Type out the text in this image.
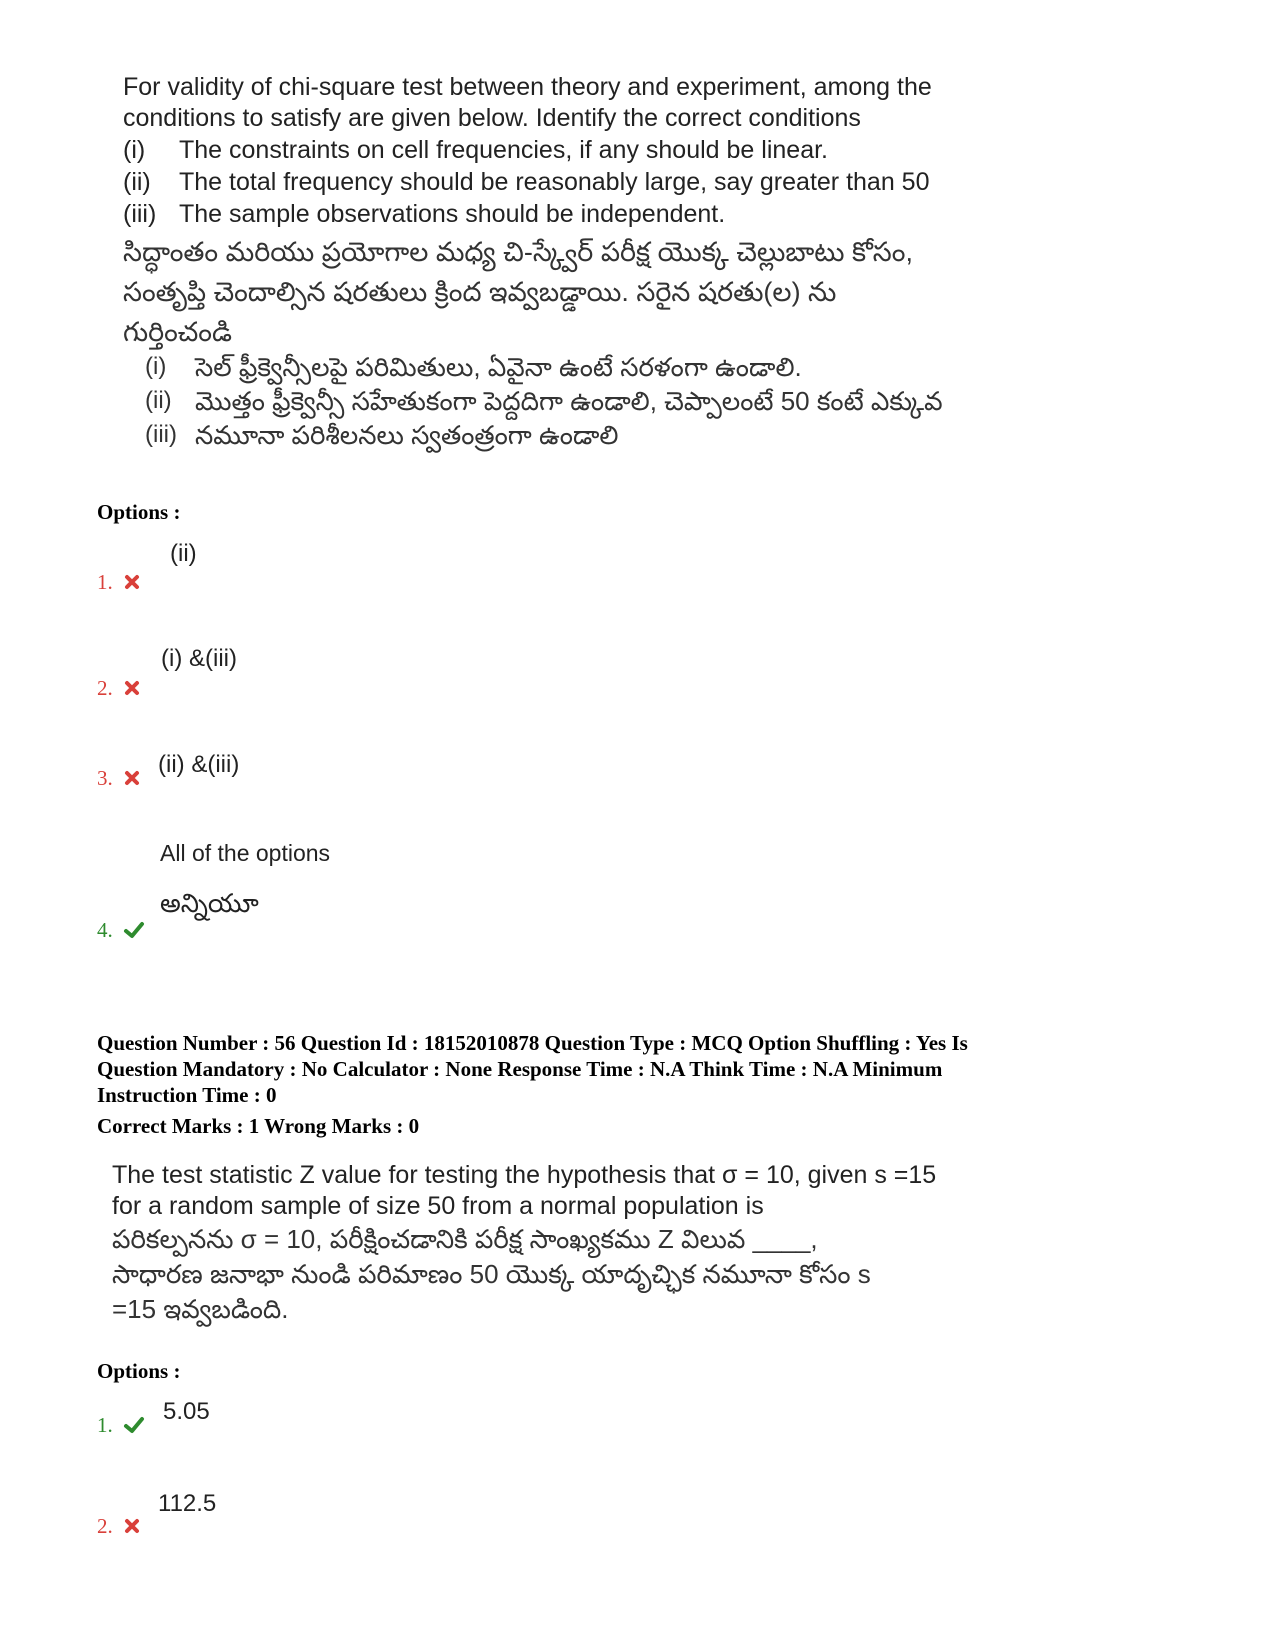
For validity of chi-square test between theory and experiment, among the
conditions to satisfy are given below. Identify the correct conditions
(i)	The constraints on cell frequencies, if any should be linear.
(ii)	The total frequency should be reasonably large, say greater than 50
(iii) The sample observations should be independent.
సిద్ధాంతం మరియు ప్రయోగాల మధ్య చి-స్క్వేర్ పరీక్ష యొక్క చెల్లుబాటు కోసం,
సంతృప్తి చెందాల్సిన షరతులు క్రింద ఇవ్వబడ్డాయి. సరైన షరతు(ల) ను
గుర్తించండి
(i)	సెల్ ఫ్రీక్వెన్సీలపై పరిమితులు, ఏవైనా ఉంటే సరళంగా ఉండాలి.
(ii) మొత్తం ఫ్రీక్వెన్సీ సహేతుకంగా పెద్దదిగా ఉండాలి, చెప్పాలంటే 50 కంటే ఎక్కువ
(iii) నమూనా పరిశీలనలు స్వతంత్రంగా ఉండాలి
Options :
(ii)
1.
(i) &(iii)
2.
(ii) &(iii)
3.
All of the options
అన్నియూ
4.
Question Number : 56 Question Id : 18152010878 Question Type : MCQ Option Shuffling : Yes Is
Question Mandatory : No Calculator : None Response Time : N.A Think Time : N.A Minimum
Instruction Time : 0
Correct Marks : 1 Wrong Marks : 0
The test statistic Z value for testing the hypothesis that σ = 10, given s =15
for a random sample of size 50 from a normal population is
పరికల్పనను σ = 10, పరీక్షించడానికి పరీక్ష సాంఖ్యకము Z విలువ ____,
సాధారణ జనాభా నుండి పరిమాణం 50 యొక్క యాదృచ్ఛిక నమూనా కోసం s
=15 ఇవ్వబడింది.
Options :
5.05
1.
112.5
2.
